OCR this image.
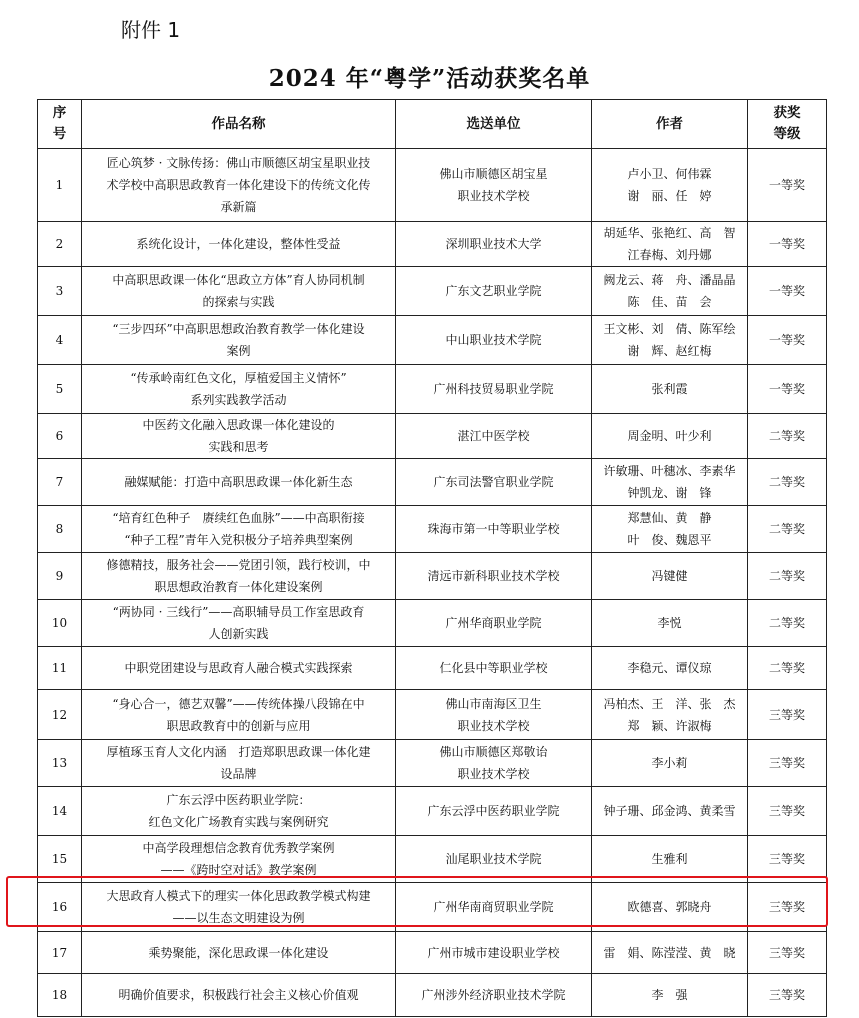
附件 1
2024 年“粤学”活动获奖名单
序
号	作品名称	选送单位	作者	获奖
等级

1	匠心筑梦 · 文脉传扬：佛山市顺德区胡宝星职业技
术学校中高职思政教育一体化建设下的传统文化传
承新篇	佛山市顺德区胡宝星
职业技术学校	卢小卫、何伟霖
谢　丽、任　婷	一等奖
2	系统化设计，一体化建设，整体性受益	深圳职业技术大学	胡延华、张艳红、高　智
江春梅、刘丹娜	一等奖
3	中高职思政课一体化“思政立方体”育人协同机制
的探索与实践	广东文艺职业学院	阙龙云、蒋　舟、潘晶晶
陈　佳、苗　会	一等奖
4	“三步四环”中高职思想政治教育教学一体化建设
案例	中山职业技术学院	王文彬、刘　倩、陈军绘
谢　辉、赵红梅	一等奖
5	“传承岭南红色文化，厚植爱国主义情怀”
系列实践教学活动	广州科技贸易职业学院	张利霞	一等奖
6	中医药文化融入思政课一体化建设的
实践和思考	湛江中医学校	周金明、叶少利	二等奖
7	融媒赋能：打造中高职思政课一体化新生态	广东司法警官职业学院	许敏珊、叶穗冰、李素华
钟凯龙、谢　锋	二等奖
8	“培育红色种子　赓续红色血脉”——中高职衔接
“种子工程”青年入党积极分子培养典型案例	珠海市第一中等职业学校	郑慧仙、黄　静
叶　俊、魏恩平	二等奖
9	修德精技，服务社会——党团引领，践行校训，中
职思想政治教育一体化建设案例	清远市新科职业技术学校	冯键健	二等奖
10	“两协同 · 三线行”——高职辅导员工作室思政育
人创新实践	广州华商职业学院	李悦	二等奖
11	中职党团建设与思政育人融合模式实践探索	仁化县中等职业学校	李稳元、谭仪琼	二等奖
12	“身心合一，德艺双馨”——传统体操八段锦在中
职思政教育中的创新与应用	佛山市南海区卫生
职业技术学校	冯柏杰、王　洋、张　杰
郑　颖、许淑梅	三等奖
13	厚植琢玉育人文化内涵　打造郑职思政课一体化建
设品牌	佛山市顺德区郑敬诒
职业技术学校	李小莉	三等奖
14	广东云浮中医药职业学院：
红色文化广场教育实践与案例研究	广东云浮中医药职业学院	钟子珊、邱金鸿、黄柔雪	三等奖
15	中高学段理想信念教育优秀教学案例
——《跨时空对话》教学案例	汕尾职业技术学院	生雅利	三等奖
16	大思政育人模式下的理实一体化思政教学模式构建
——以生态文明建设为例	广州华南商贸职业学院	欧德喜、郭晓舟	三等奖
17	乘势聚能，深化思政课一体化建设	广州市城市建设职业学校	雷　娟、陈滢滢、黄　晓	三等奖
18	明确价值要求，积极践行社会主义核心价值观	广州涉外经济职业技术学院	李　强	三等奖
